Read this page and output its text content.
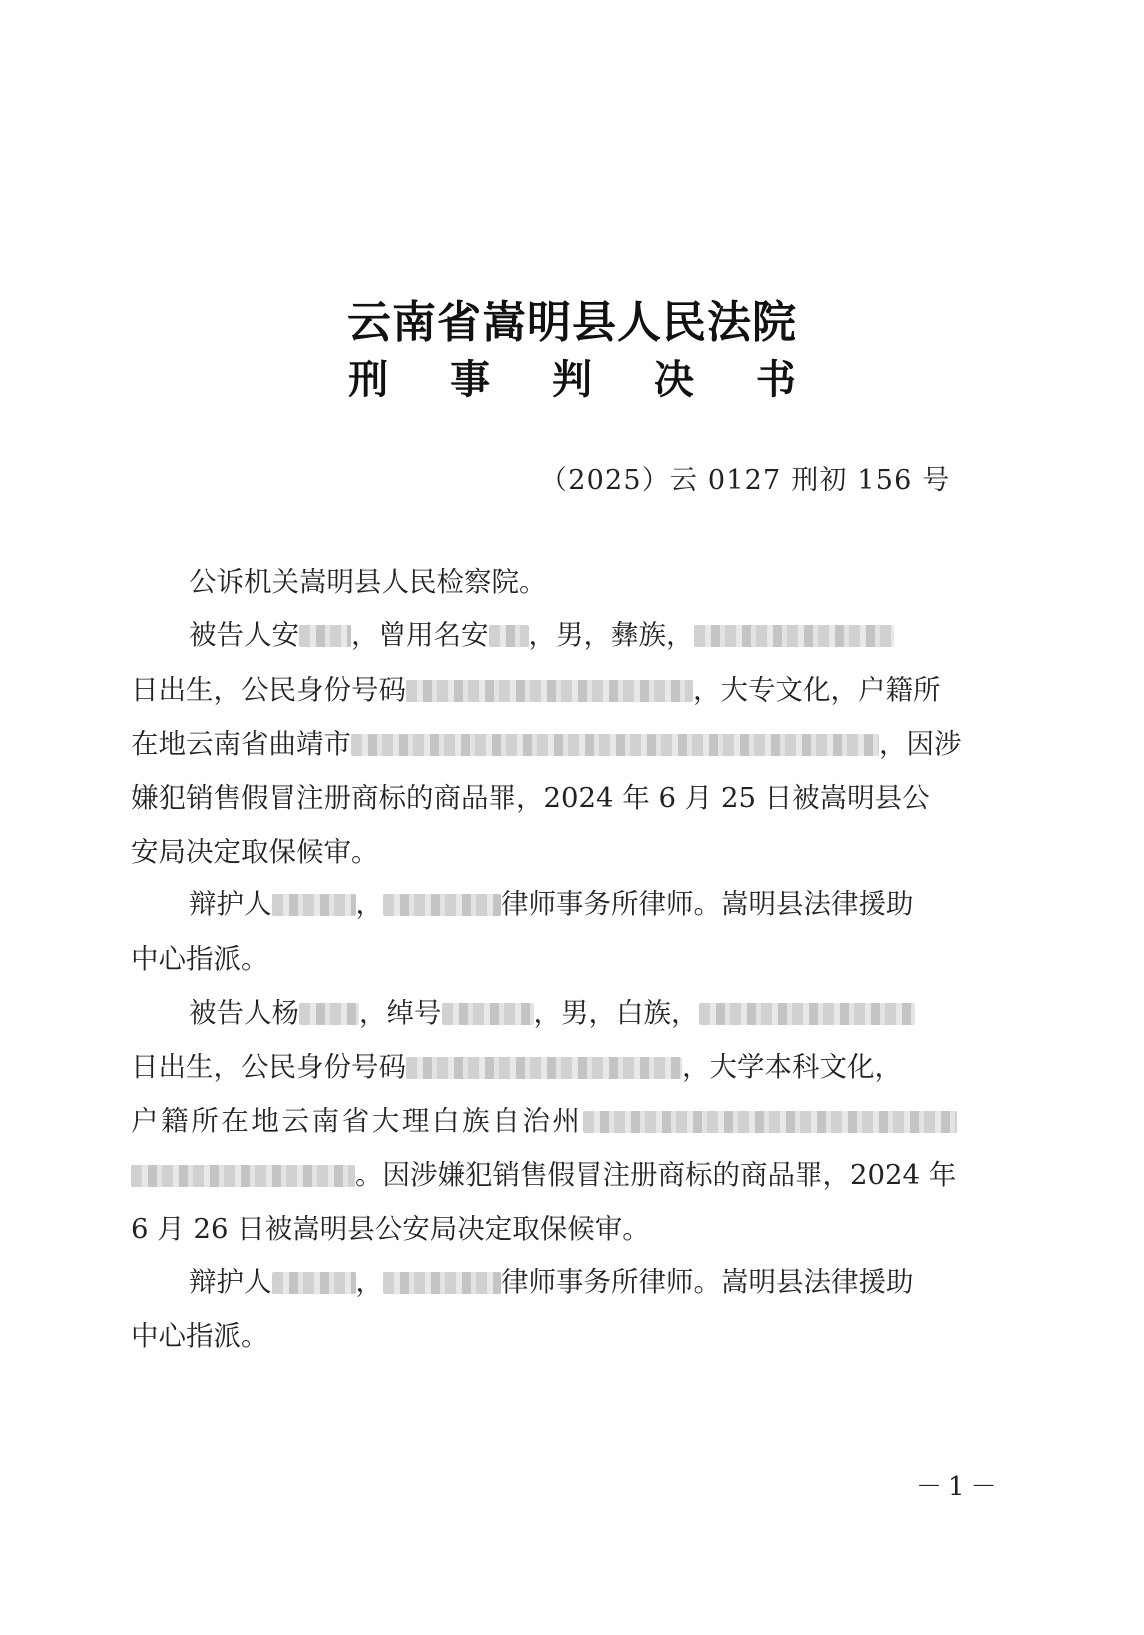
云南省嵩明县人民法院
刑 事 判 决 书
（2025）云 0127 刑初 156 号
公诉机关嵩明县人民检察院。
被告人安 ，曾用名安 ，男，彝族，
日出生，公民身份号码	，大专文化，户籍所
在地云南省曲靖市	，因涉
嫌犯销售假冒注册商标的商品罪，2024 年 6 月 25 日被嵩明县公
安局决定取保候审。
辩护人	，	律师事务所律师。嵩明县法律援助
中心指派。
被告人杨 ，绰号	，男，白族，
日出生，公民身份号码	，大学本科文化，
户籍所在地云南省大理白族自治州
。因涉嫌犯销售假冒注册商标的商品罪，2024 年
6 月 26 日被嵩明县公安局决定取保候审。
辩护人	，	律师事务所律师。嵩明县法律援助
中心指派。
－1－
